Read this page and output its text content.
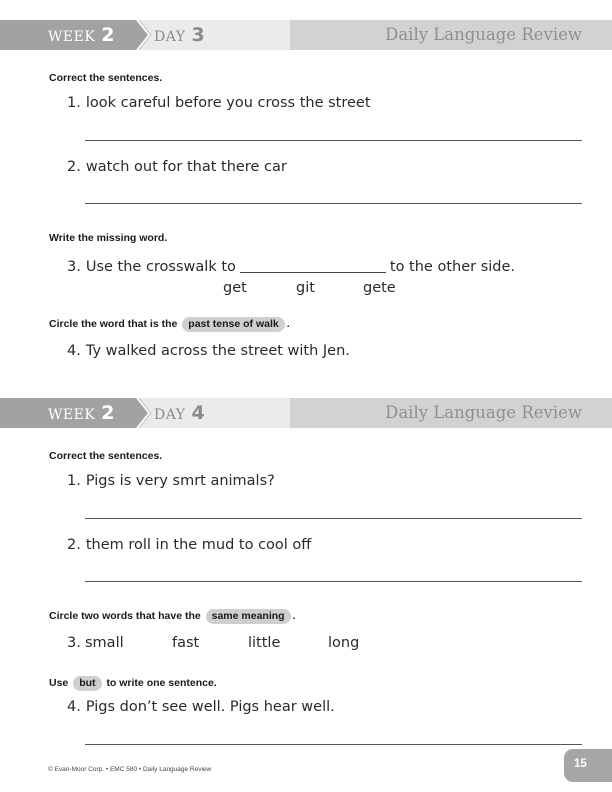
WEEK 2	DAY 3	Daily Language Review
Correct the sentences.
1. look careful before you cross the street
2. watch out for that there car
Write the missing word.
3. Use the crosswalk to	to the other side.
get	git	gete
Circle the word that is the past tense of walk .
4. Ty walked across the street with Jen.
WEEK 2	DAY 4	Daily Language Review
Correct the sentences.
1. Pigs is very smrt animals?
2. them roll in the mud to cool off
Circle two words that have the same meaning .
3. small	fast	little	long
Use but to write one sentence.
4. Pigs don’t see well. Pigs hear well.
© Evan-Moor Corp. • EMC 580 • Daily Language Review	15
